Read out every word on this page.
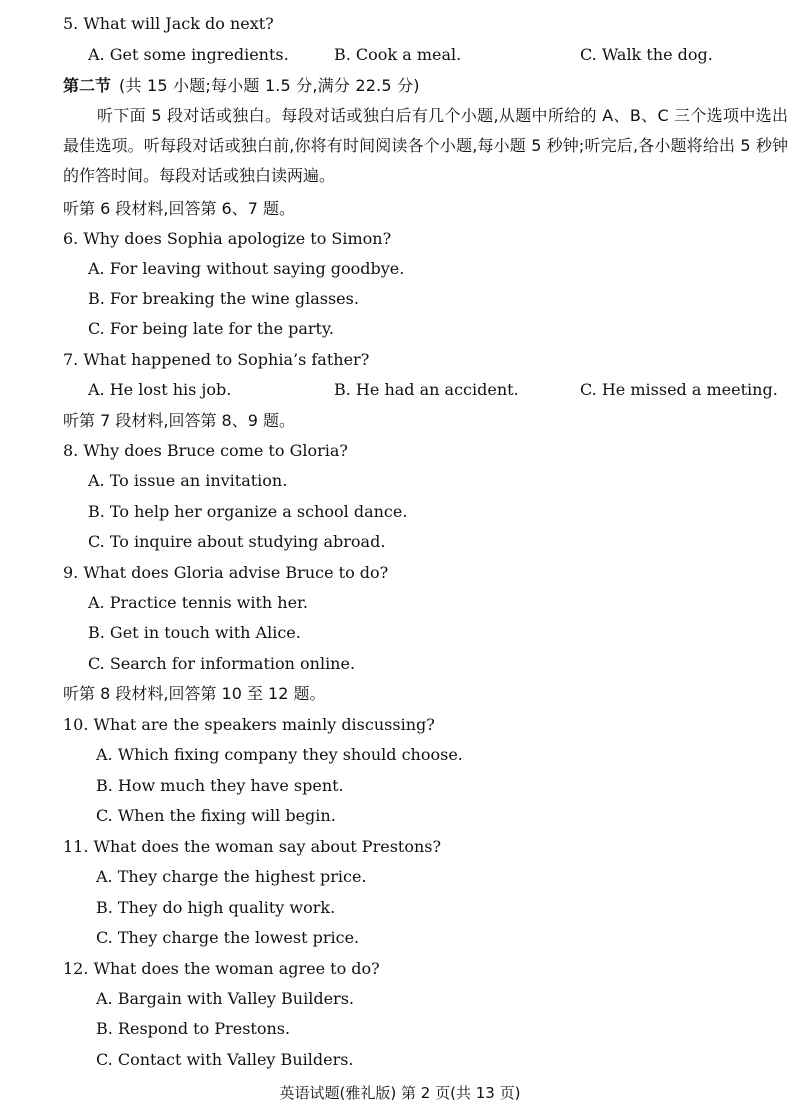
5. What will Jack do next?
A. Get some ingredients.	B. Cook a meal.	C. Walk the dog.
第二节 (共 15 小题;每小题 1.5 分,满分 22.5 分)
听下面 5 段对话或独白。每段对话或独白后有几个小题,从题中所给的 A、B、C 三个选项中选出最佳选项。听每段对话或独白前,你将有时间阅读各个小题,每小题 5 秒钟;听完后,各小题将给出 5 秒钟的作答时间。每段对话或独白读两遍。
听第 6 段材料,回答第 6、7 题。
6. Why does Sophia apologize to Simon?
A. For leaving without saying goodbye.
B. For breaking the wine glasses.
C. For being late for the party.
7. What happened to Sophia’s father?
A. He lost his job.	B. He had an accident.	C. He missed a meeting.
听第 7 段材料,回答第 8、9 题。
8. Why does Bruce come to Gloria?
A. To issue an invitation.
B. To help her organize a school dance.
C. To inquire about studying abroad.
9. What does Gloria advise Bruce to do?
A. Practice tennis with her.
B. Get in touch with Alice.
C. Search for information online.
听第 8 段材料,回答第 10 至 12 题。
10. What are the speakers mainly discussing?
A. Which fixing company they should choose.
B. How much they have spent.
C. When the fixing will begin.
11. What does the woman say about Prestons?
A. They charge the highest price.
B. They do high quality work.
C. They charge the lowest price.
12. What does the woman agree to do?
A. Bargain with Valley Builders.
B. Respond to Prestons.
C. Contact with Valley Builders.
英语试题(雅礼版) 第 2 页(共 13 页)
